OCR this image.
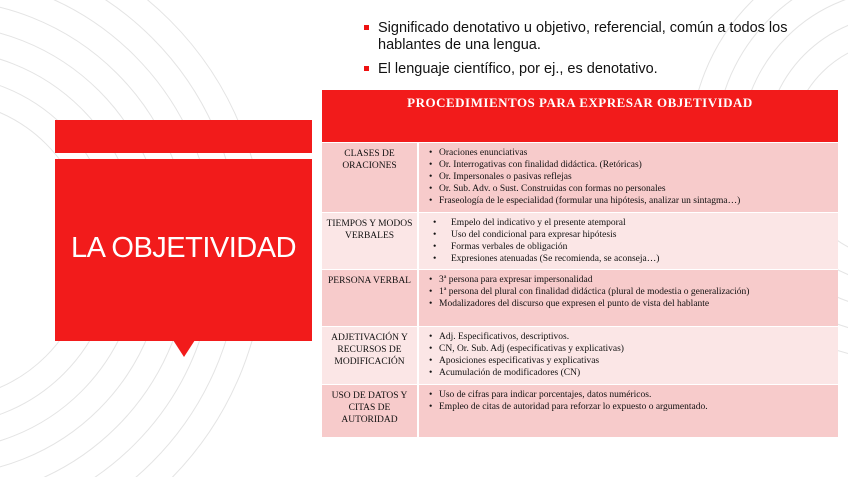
LA OBJETIVIDAD
Significado denotativo u objetivo, referencial, común a todos los hablantes de una lengua.
El lenguaje científico, por ej., es denotativo.
PROCEDIMIENTOS PARA EXPRESAR OBJETIVIDAD
CLASES DE ORACIONES
• Oraciones enunciativas
• Or. Interrogativas con finalidad didáctica. (Retóricas)
• Or. Impersonales o pasivas reflejas
• Or. Sub. Adv. o Sust. Construidas con formas no personales
• Fraseología de le especialidad (formular una hipótesis, analizar un sintagma…)
TIEMPOS Y MODOS VERBALES
• Empelo del indicativo y el presente atemporal
• Uso del condicional para expresar hipótesis
• Formas verbales de obligación
• Expresiones atenuadas (Se recomienda, se aconseja…)
PERSONA VERBAL
•	3ª persona para expresar impersonalidad
• 1ª persona del plural con finalidad didáctica (plural de modestia o generalización)
• Modalizadores del discurso que expresen el punto de vista del hablante
ADJETIVACIÓN Y RECURSOS DE MODIFICACIÓN
• Adj. Especificativos, descriptivos.
• CN, Or. Sub. Adj (especificativas y explicativas)
• Aposiciones especificativas y explicativas
• Acumulación de modificadores (CN)
USO DE DATOS Y CITAS DE AUTORIDAD
• Uso de cifras para indicar porcentajes, datos numéricos.
• Empleo de citas de autoridad para reforzar lo expuesto o argumentado.
